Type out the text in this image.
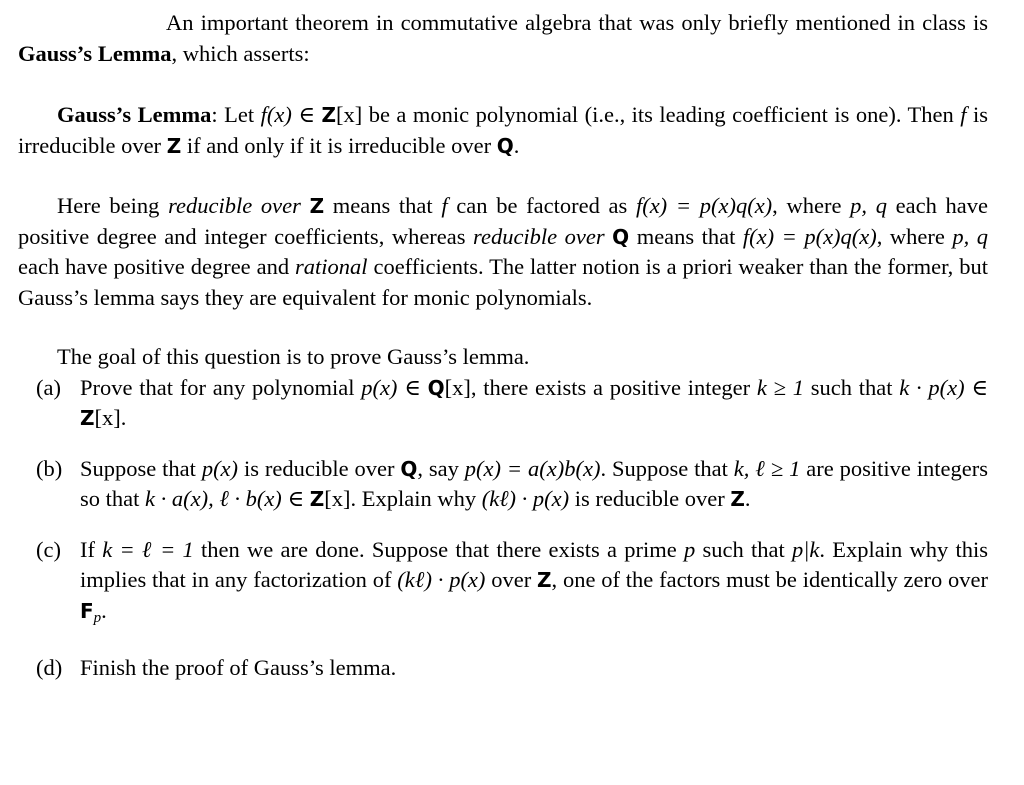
An important theorem in commutative algebra that was only briefly mentioned in class is Gauss’s Lemma, which asserts:

Gauss’s Lemma: Let f(x) ∈ Z[x] be a monic polynomial (i.e., its leading coefficient is one). Then f is irreducible over Z if and only if it is irreducible over Q.

Here being reducible over Z means that f can be factored as f(x) = p(x)q(x), where p, q each have positive degree and integer coefficients, whereas reducible over Q means that f(x) = p(x)q(x), where p, q each have positive degree and rational coefficients. The latter notion is a priori weaker than the former, but Gauss’s lemma says they are equivalent for monic polynomials.

The goal of this question is to prove Gauss’s lemma.

(a) Prove that for any polynomial p(x) ∈ Q[x], there exists a positive integer k ≥ 1 such that k · p(x) ∈ Z[x].
(b) Suppose that p(x) is reducible over Q, say p(x) = a(x)b(x). Suppose that k, ℓ ≥ 1 are positive integers so that k · a(x), ℓ · b(x) ∈ Z[x]. Explain why (kℓ) · p(x) is reducible over Z.
(c) If k = ℓ = 1 then we are done. Suppose that there exists a prime p such that p|k. Explain why this implies that in any factorization of (kℓ) · p(x) over Z, one of the factors must be identically zero over $F_p$.
(d) Finish the proof of Gauss’s lemma.
